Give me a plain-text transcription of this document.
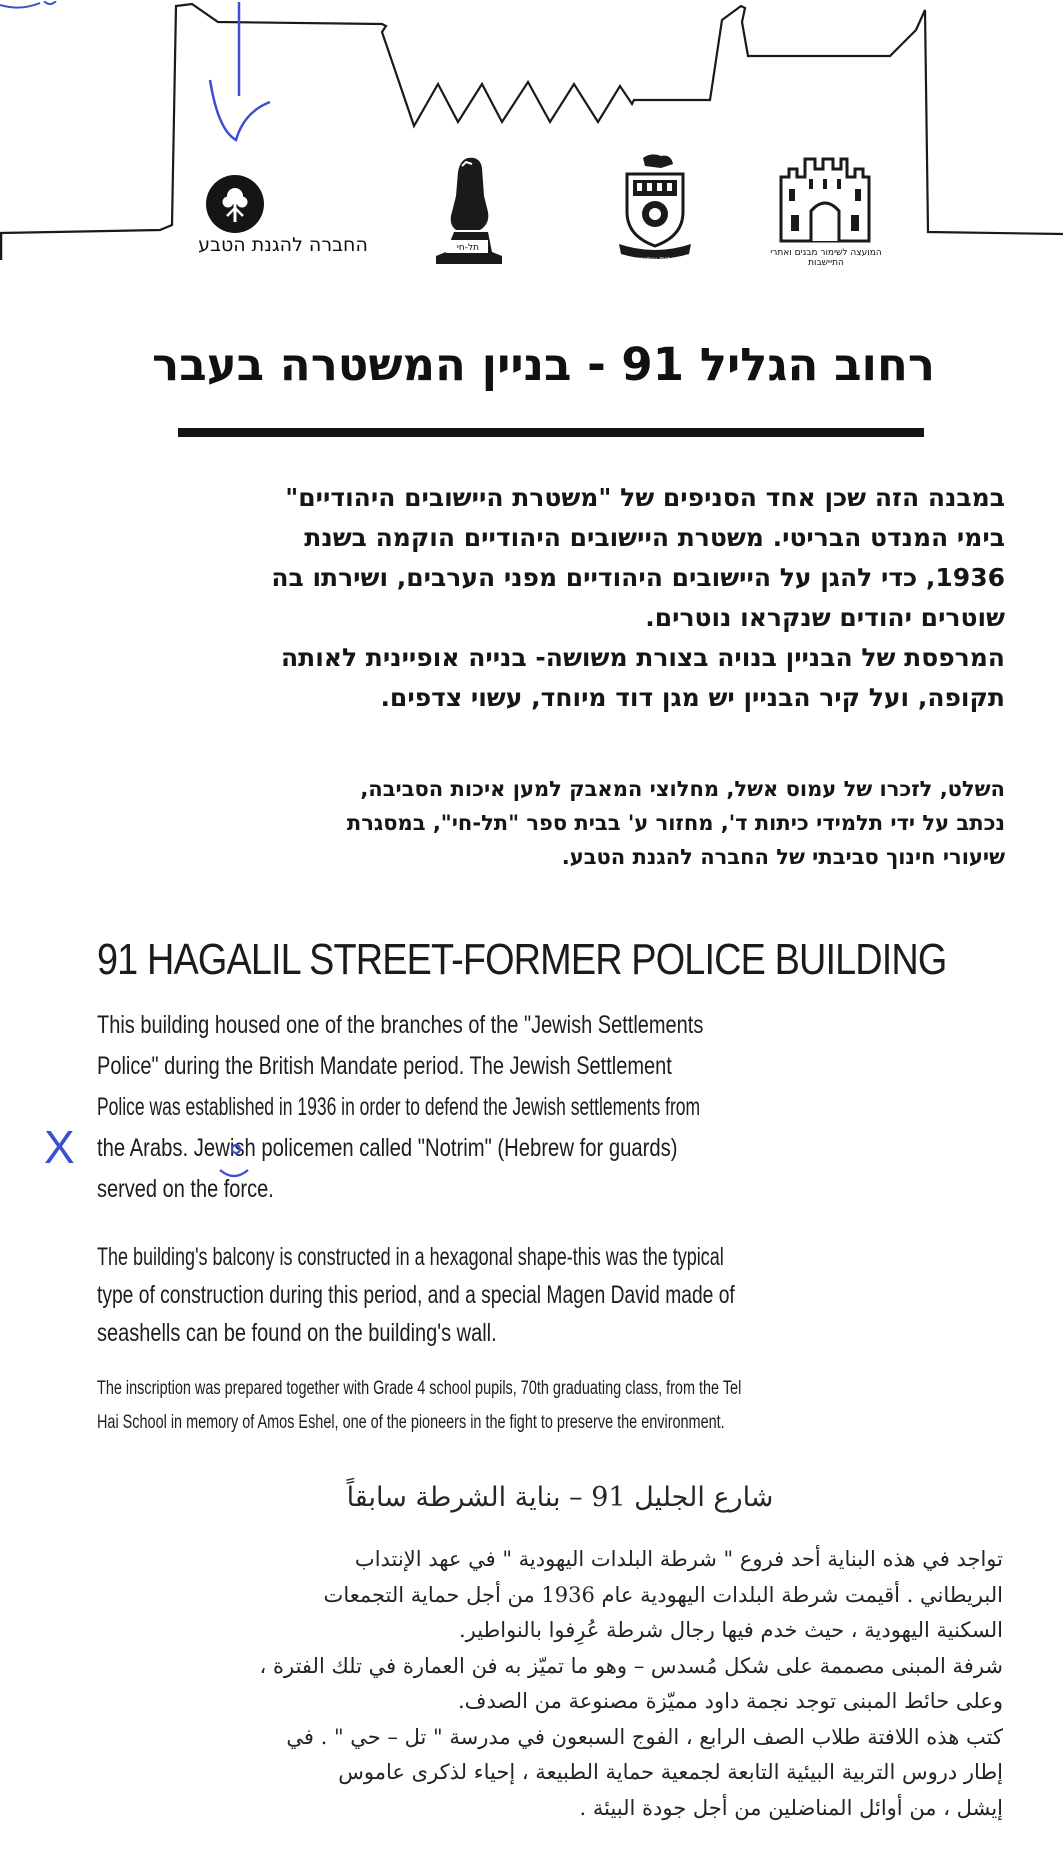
החברה להגנת הטבע	תל-חי
קרית שמונה
המועצה לשימור מבנים ואתרי התיישבות
רחוב הגליל 91 - בניין המשטרה בעבר
במבנה הזה שכן אחד הסניפים של "משטרת היישובים היהודיים"
בימי המנדט הבריטי. משטרת היישובים היהודיים הוקמה בשנת
1936, כדי להגן על היישובים היהודיים מפני הערבים, ושירתו בה
שוטרים יהודים שנקראו נוטרים.
המרפסת של הבניין בנויה בצורת משושה- בנייה אופיינית לאותה
תקופה, ועל קיר הבניין יש מגן דוד מיוחד, עשוי צדפים.
השלט, לזכרו של עמוס אשל, מחלוצי המאבק למען איכות הסביבה,
נכתב על ידי תלמידי כיתות ד', מחזור ע' בבית ספר "תל-חי", במסגרת
שיעורי חינוך סביבתי של החברה להגנת הטבע.
91 HAGALIL STREET-FORMER POLICE BUILDING
This building housed one of the branches of the "Jewish Settlements
Police" during the British Mandate period. The Jewish Settlement
Police was established in 1936 in order to defend the Jewish settlements from
the Arabs. Jewish policemen called "Notrim" (Hebrew for guards)
served on the force.
The building's balcony is constructed in a hexagonal shape-this was the typical
type of construction during this period, and a special Magen David made of
seashells can be found on the building's wall.
The inscription was prepared together with Grade 4 school pupils, 70th graduating class, from the Tel
Hai School in memory of Amos Eshel, one of the pioneers in the fight to preserve the environment.
X
شارع الجليل 91 – بناية الشرطة سابقاً
تواجد في هذه البناية أحد فروع " شرطة البلدات اليهودية " في عهد الإنتداب
البريطاني . أقيمت شرطة البلدات اليهودية عام 1936 من أجل حماية التجمعات
السكنية اليهودية ، حيث خدم فيها رجال شرطة عُرِفوا بالنواطير.
شرفة المبنى مصممة على شكل مُسدس – وهو ما تميّز به فن العمارة في تلك الفترة ،
وعلى حائط المبنى توجد نجمة داود مميّزة مصنوعة من الصدف.
كتب هذه اللافتة طلاب الصف الرابع ، الفوج السبعون في مدرسة " تل – حي " . في
إطار دروس التربية البيئية التابعة لجمعية حماية الطبيعة ، إحياء لذكرى عاموس
إيشل ، من أوائل المناضلين من أجل جودة البيئة .
